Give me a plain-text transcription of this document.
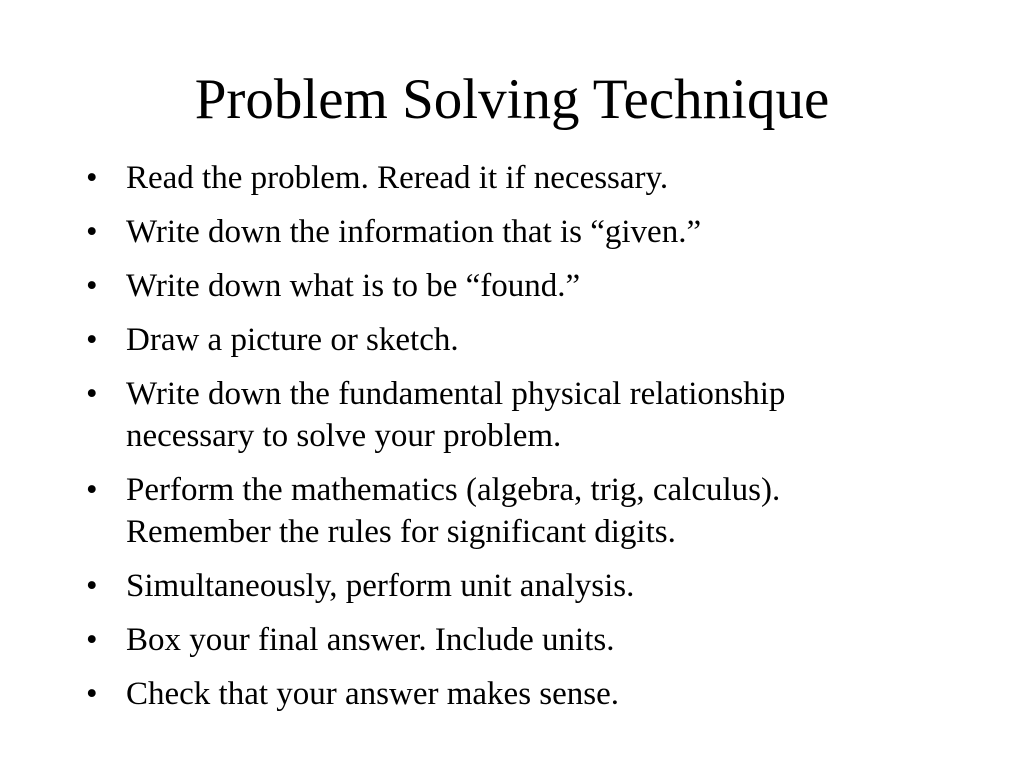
Problem Solving Technique
• Read the problem. Reread it if necessary.
• Write down the information that is “given.”
• Write down what is to be “found.”
• Draw a picture or sketch.
• Write down the fundamental physical relationship
necessary to solve your problem.
• Perform the mathematics (algebra, trig, calculus).
Remember the rules for significant digits.
• Simultaneously, perform unit analysis.
• Box your final answer. Include units.
• Check that your answer makes sense.
